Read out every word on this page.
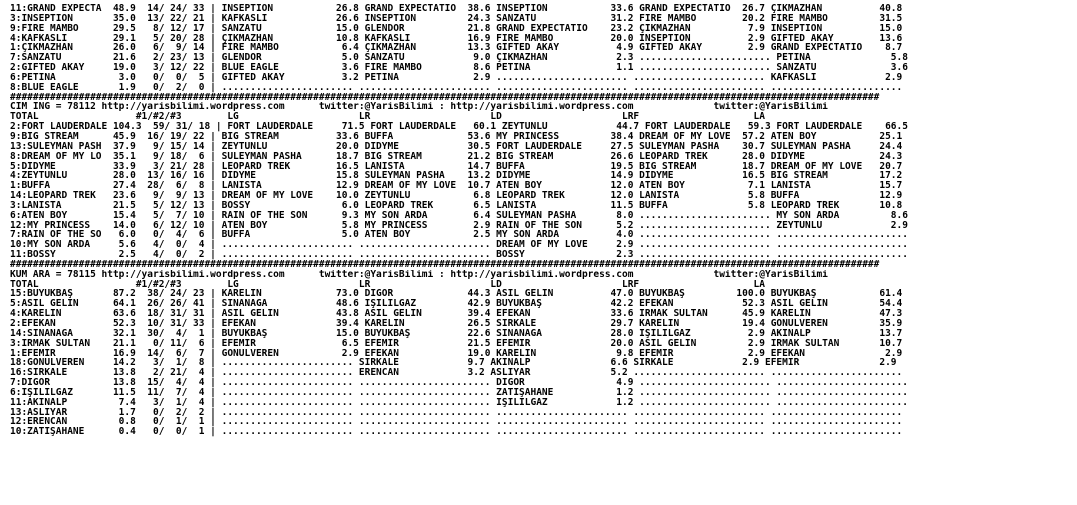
11:GRAND EXPECTA  48.9  14/ 24/ 33 | INSEPTION           26.8 GRAND EXPECTATIO  38.6 INSEPTION           33.6 GRAND EXPECTATIO  26.7 ÇIKMAZHAN          40.8
3:INSEPTION       35.0  13/ 22/ 21 | KAFKASLI            26.6 INSEPTION         24.3 SANZATU             31.2 FIRE MAMBO        20.2 FIRE MAMBO         31.5
9:FIRE MAMBO      29.5   8/ 12/ 17 | SANZATU             15.0 GLENDOR           21.8 GRAND EXPECTATIO    23.2 ÇIKMAZHAN          7.9 INSEPTION          15.0
4:KAFKASLI        29.1   5/ 20/ 28 | ÇIKMAZHAN           10.8 KAFKASLI          16.9 FIRE MAMBO          20.0 INSEPTION          2.9 GIFTED AKAY        13.6
1:ÇIKMAZHAN       26.0   6/  9/ 14 | FIRE MAMBO           6.4 ÇIKMAZHAN         13.3 GIFTED AKAY          4.9 GIFTED AKAY        2.9 GRAND EXPECTATIO    8.7
7:SANZATU         21.6   2/ 23/ 13 | GLENDOR              5.0 SANZATU            9.0 ÇIKMAZHAN            2.3 ....................... PETINA              5.8
2:GIFTED AKAY     19.0   3/ 12/ 22 | BLUE EAGLE           3.6 FIRE MAMBO         8.6 PETINA               1.1 ....................... SANZATU             3.6
6:PETINA           3.0   0/  0/  5 | GIFTED AKAY          3.2 PETINA             2.9 ....................... ....................... KAFKASLI            2.9
8:BLUE EAGLE       1.9   0/  2/  0 | ....................... ....................... ....................... ....................... .......................
########################################################################################################################################################
CIM ING = 78112 http://yarisbilimi.wordpress.com      twitter:@YarisBilimi : http://yarisbilimi.wordpress.com              twitter:@YarisBilimi
TOTAL                 #1/#2/#3        LG                     LR                     LD                     LRF                    LA
2:FORT LAUDERDALE 104.3  59/ 31/ 18 | FORT LAUDERDALE     71.5 FORT LAUDERDALE   60.1 ZEYTUNLU            44.7 FORT LAUDERDALE   59.3 FORT LAUDERDALE    66.5
9:BIG STREAM      45.9  16/ 19/ 22 | BIG STREAM          33.6 BUFFA             53.6 MY PRINCESS         38.4 DREAM OF MY LOVE  57.2 ATEN BOY           25.1
13:SÜLEYMAN PASH  37.9   9/ 15/ 14 | ZEYTUNLU            20.0 DIDYME            30.5 FORT LAUDERDALE     27.5 SÜLEYMAN PASHA    30.7 SÜLEYMAN PASHA     24.4
8:DREAM OF MY LO  35.1   9/ 18/  6 | SÜLEYMAN PASHA      18.7 BIG STREAM        21.2 BIG STREAM          26.6 LEOPARD TREK      28.0 DIDYME             24.3
5:DIDYME          33.9   3/ 21/ 28 | LEOPARD TREK        16.5 LANISTA           14.7 BUFFA               19.5 BIG STREAM        18.7 DREAM OF MY LOVE   20.7
4:ZEYTUNLU        28.0  13/ 16/ 16 | DIDYME              15.8 SÜLEYMAN PASHA    13.2 DIDYME              14.9 DIDYME            16.5 BIG STREAM         17.2
1:BUFFA           27.4  28/  6/  8 | LANISTA             12.9 DREAM OF MY LOVE  10.7 ATEN BOY            12.0 ATEN BOY           7.1 LANISTA            15.7
14:LEOPARD TREK   23.6   9/  9/ 13 | DREAM OF MY LOVE    10.0 ZEYTUNLU           6.8 LEOPARD TREK        12.0 LANISTA            5.8 BUFFA              12.9
3:LANISTA         21.5   5/ 12/ 13 | BOSSY                6.0 LEOPARD TREK       6.5 LANISTA             11.5 BUFFA              5.8 LEOPARD TREK       10.8
6:ATEN BOY        15.4   5/  7/ 10 | RAIN OF THE SON      9.3 MY SON ARDA        6.4 SÜLEYMAN PASHA       8.0 ....................... MY SON ARDA         8.6
12:MY PRINCESS    14.0   6/ 12/ 10 | ATEN BOY             5.8 MY PRINCESS        2.9 RAIN OF THE SON      5.2 ....................... ZEYTUNLU            2.9
7:RAIN OF THE SO   6.0   0/  4/  6 | BUFFA                5.0 ATEN BOY           2.5 MY SON ARDA          4.0 ....................... .......................
10:MY SON ARDA     5.6   4/  0/  4 | ....................... ....................... DREAM OF MY LOVE     2.9 ....................... .......................
11:BOSSY           2.5   4/  0/  2 | ....................... ....................... BOSSY                2.3 ....................... .......................
########################################################################################################################################################
KUM ARA = 78115 http://yarisbilimi.wordpress.com      twitter:@YarisBilimi : http://yarisbilimi.wordpress.com              twitter:@YarisBilimi
TOTAL                 #1/#2/#3        LG                     LR                     LD                     LRF                    LA
15:BÜYÜKBAŞ       87.2  38/ 24/ 23 | KARELİN             73.0 DİGOR             44.3 ASİL GELİN          47.0 BÜYÜKBAŞ         100.0 BÜYÜKBAŞ           61.4
5:ASİL GELİN      64.1  26/ 26/ 41 | SINANAĞA            48.6 IŞILILGAZ         42.9 BÜYÜKBAŞ            42.2 EFEKAN            52.3 ASİL GELİN         54.4
4:KARELİN         63.6  18/ 31/ 31 | ASİL GELİN          43.8 ASİL GELİN        39.4 EFEKAN              33.6 IRMAK SULTAN      45.9 KARELİN            47.3
2:EFEKAN          52.3  10/ 31/ 33 | EFEKAN              39.4 KARELİN           26.5 SIRKALE             29.7 KARELİN           19.4 GÖNÜLVEREN         35.9
14:SINANAĞA       32.1  30/  4/  1 | BÜYÜKBAŞ            15.0 BÜYÜKBAŞ          22.6 SINANAĞA            28.0 IŞILILGAZ          2.9 AKINALP            13.7
3:IRMAK SULTAN    21.1   0/ 11/  6 | EFEMİR               6.5 EFEMİR            21.5 EFEMİR              20.0 ASİL GELİN         2.9 IRMAK SULTAN       10.7
1:EFEMİR          16.9  14/  6/  7 | GÖNÜLVEREN           2.9 EFEKAN            19.0 KARELİN              9.8 EFEMİR             2.9 EFEKAN              2.9
18:GÖNÜLVEREN     14.2   3/  1/  8 | ....................... SIRKALE            9.7 AKINALP              6.6 SIRKALE            2.9 EFEMİR              2.9
16:SIRKALE        13.8   2/ 21/  4 | ....................... ERENCAN            3.2 ASLIYAR              5.2 ....................... .......................
7:DİGOR           13.8  15/  4/  4 | ....................... ....................... DİGOR                4.9 ....................... .......................
6:IŞILILGAZ       11.5  11/  7/  4 | ....................... ....................... ZATİŞAHANE           1.2 ....................... .......................
11:AKINALP         7.4   3/  1/  4 | ....................... ....................... IŞILILGAZ            1.2 ....................... .......................
13:ASLIYAR         1.7   0/  2/  2 | ....................... ....................... ....................... ....................... .......................
12:ERENCAN         0.8   0/  1/  1 | ....................... ....................... ....................... ....................... .......................
10:ZATİŞAHANE      0.4   0/  0/  1 | ....................... ....................... ....................... ....................... .......................
